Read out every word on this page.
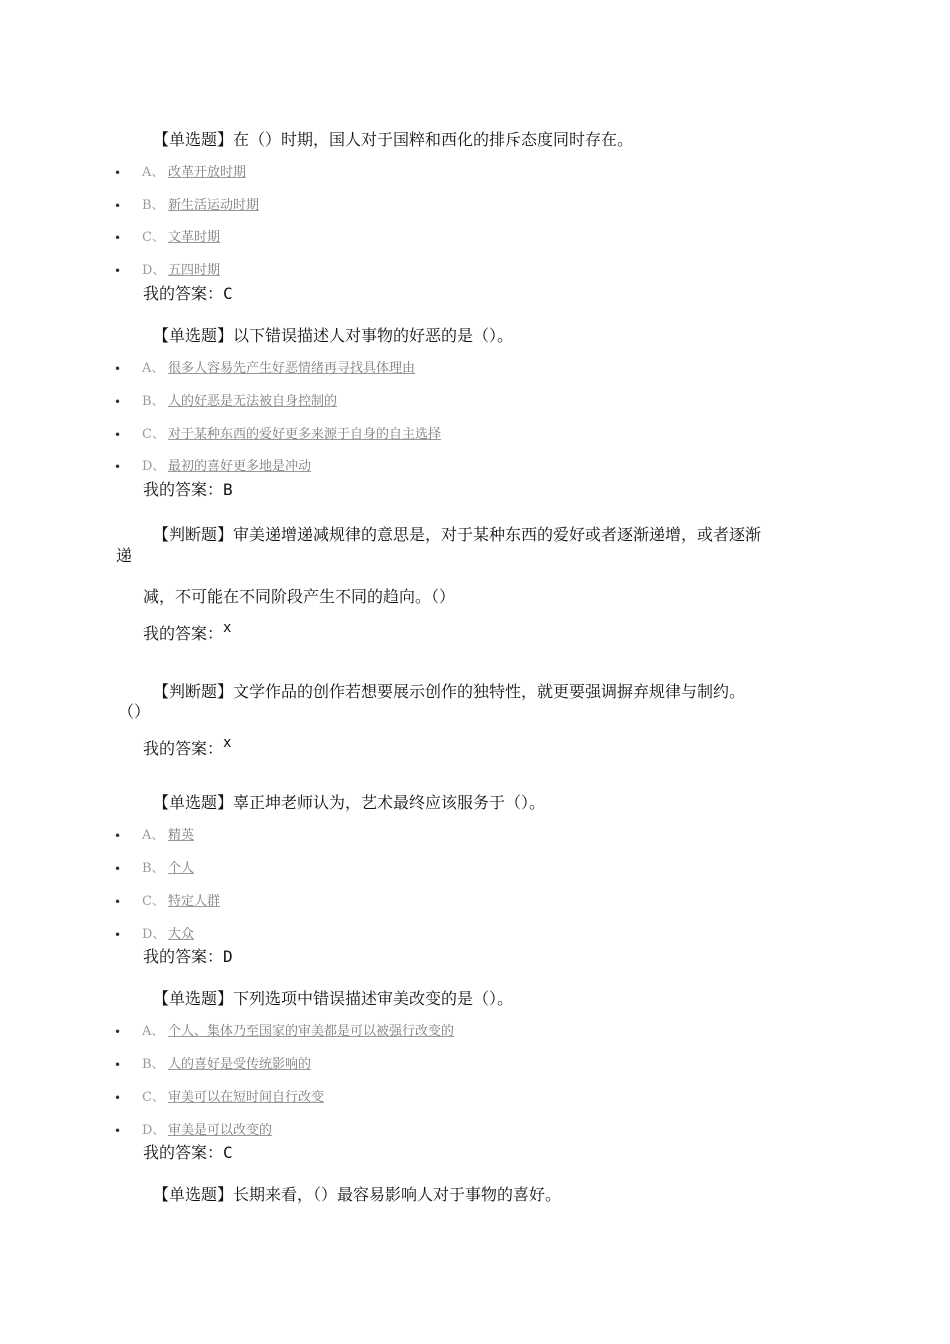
【单选题】在（）时期，国人对于国粹和西化的排斥态度同时存在。
• A、 改革开放时期
• B、 新生活运动时期
• C、 文革时期
• D、 五四时期
我的答案：C
【单选题】以下错误描述人对事物的好恶的是（）。
• A、 很多人容易先产生好恶情绪再寻找具体理由
• B、 人的好恶是无法被自身控制的
• C、 对于某种东西的爱好更多来源于自身的自主选择
• D、 最初的喜好更多地是冲动
我的答案：B
【判断题】审美递增递减规律的意思是，对于某种东西的爱好或者逐渐递增，或者逐渐
递
减，不可能在不同阶段产生不同的趋向。（）
我的答案：x
【判断题】文学作品的创作若想要展示创作的独特性，就更要强调摒弃规律与制约。
（）
我的答案：x
【单选题】辜正坤老师认为，艺术最终应该服务于（）。
• A、 精英
• B、 个人
• C、 特定人群
• D、 大众
我的答案：D
【单选题】下列选项中错误描述审美改变的是（）。
• A、 个人、集体乃至国家的审美都是可以被强行改变的
• B、 人的喜好是受传统影响的
• C、 审美可以在短时间自行改变
• D、 审美是可以改变的
我的答案：C
【单选题】长期来看，（）最容易影响人对于事物的喜好。
